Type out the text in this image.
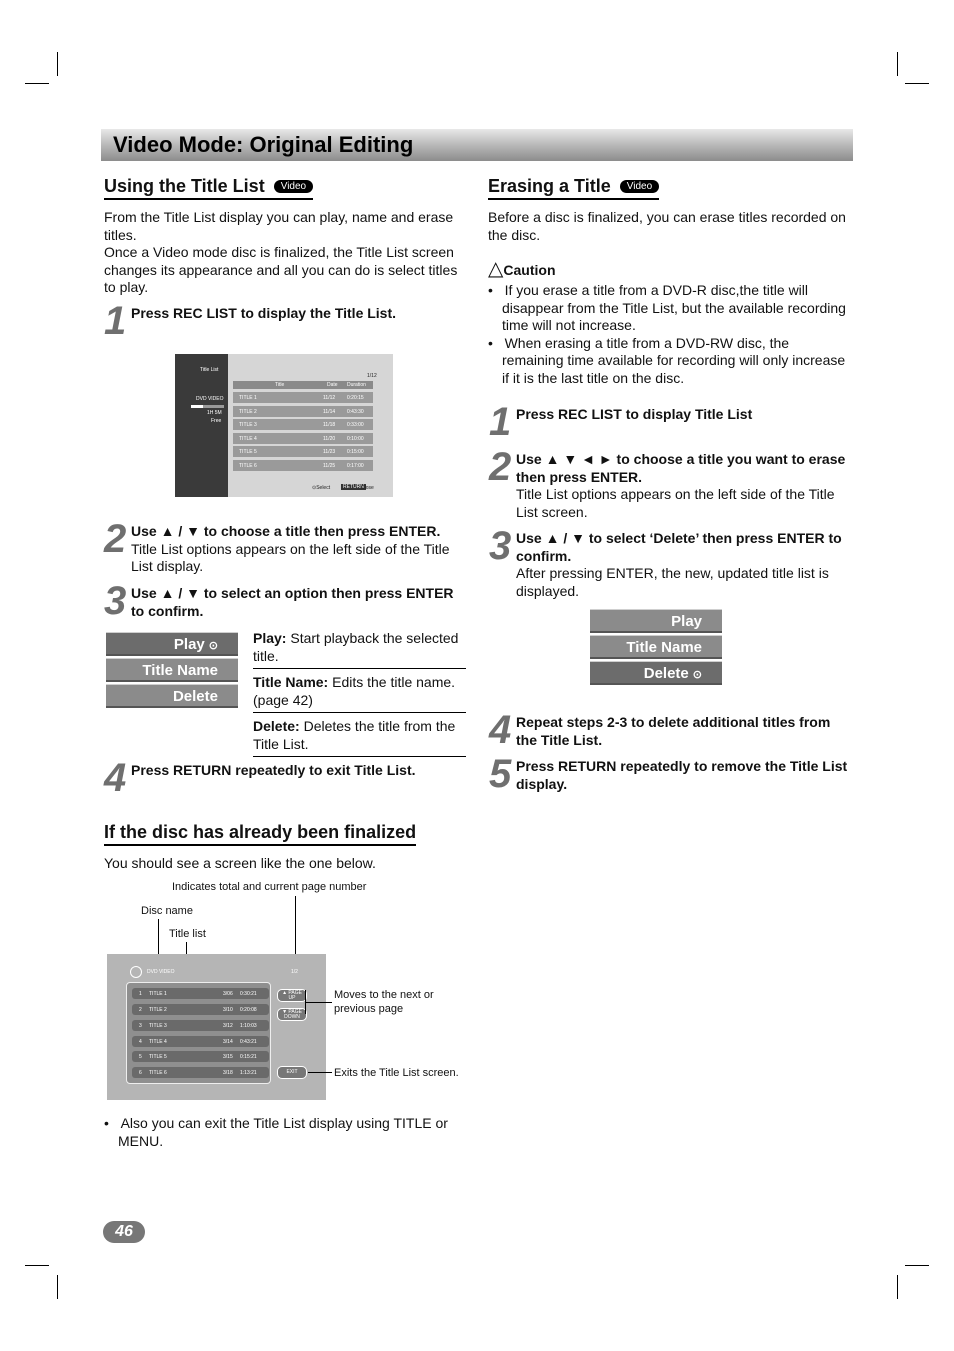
Video Mode: Original Editing
Using the Title List Video

From the Title List display you can play, name and erase titles.

Once a Video mode disc is finalized, the Title List screen changes its appearance and all you can do is select titles to play.

1 Press REC LIST to display the Title List.
Title List
1/12
DVD VIDEO
1H 5M
Free
Title	Date Duration
TITLE 1	11/12 0:20:15
TITLE 2	11/14 0:43:30
TITLE 3	11/18 0:33:00
TITLE 4	11/20 0:10:00
TITLE 5	11/23 0:15:00
TITLE 6	11/25 0:17:00
⊙Select	RETURN
Close
2 Use ▲ / ▼ to choose a title then press ENTER.
Title List options appears on the left side of the Title List display.
3 Use ▲ / ▼ to select an option then press ENTER to confirm.
Play ⊙
Title Name
Delete
Play: Start playback the selected title.
Title Name: Edits the title name. (page 42)
Delete: Deletes the title from the Title List.
4 Press RETURN repeatedly to exit Title List.
If the disc has already been finalized

You should see a screen like the one below.

Indicates total and current page number
Disc name
Title list
DVD VIDEO	1/2
1 TITLE 1	3/06 0:30:21
2 TITLE 2	3/10 0:20:08
3 TITLE 3	3/12 1:10:03
4 TITLE 4	3/14 0:43:21
5 TITLE 5	3/15 0:15:21
6 TITLE 6	3/18 1:13:21
▲ PAGE UP
▼ PAGE DOWN
EXIT
Moves to the next or previous page
Exits the Title List screen.

•   Also you can exit the Title List display using TITLE or MENU.

Erasing a Title Video

Before a disc is finalized, you can erase titles recorded on the disc.

△Caution

•   If you erase a title from a DVD-R disc,the title will disappear from the Title List, but the available recording time will not increase.

•   When erasing a title from a DVD-RW disc, the remaining time available for recording will only increase if it is the last title on the disc.

1 Press REC LIST to display Title List
2 Use ▲ ▼ ◄ ► to choose a title you want to erase then press ENTER.
Title List options appears on the left side of the Title List screen.
3 Use ▲ / ▼ to select ‘Delete’ then press ENTER to confirm.
After pressing ENTER, the new, updated title list is displayed.
Play
Title Name
Delete ⊙
4 Repeat steps 2-3 to delete additional titles from the Title List.
5 Press RETURN repeatedly to remove the Title List display.
46
